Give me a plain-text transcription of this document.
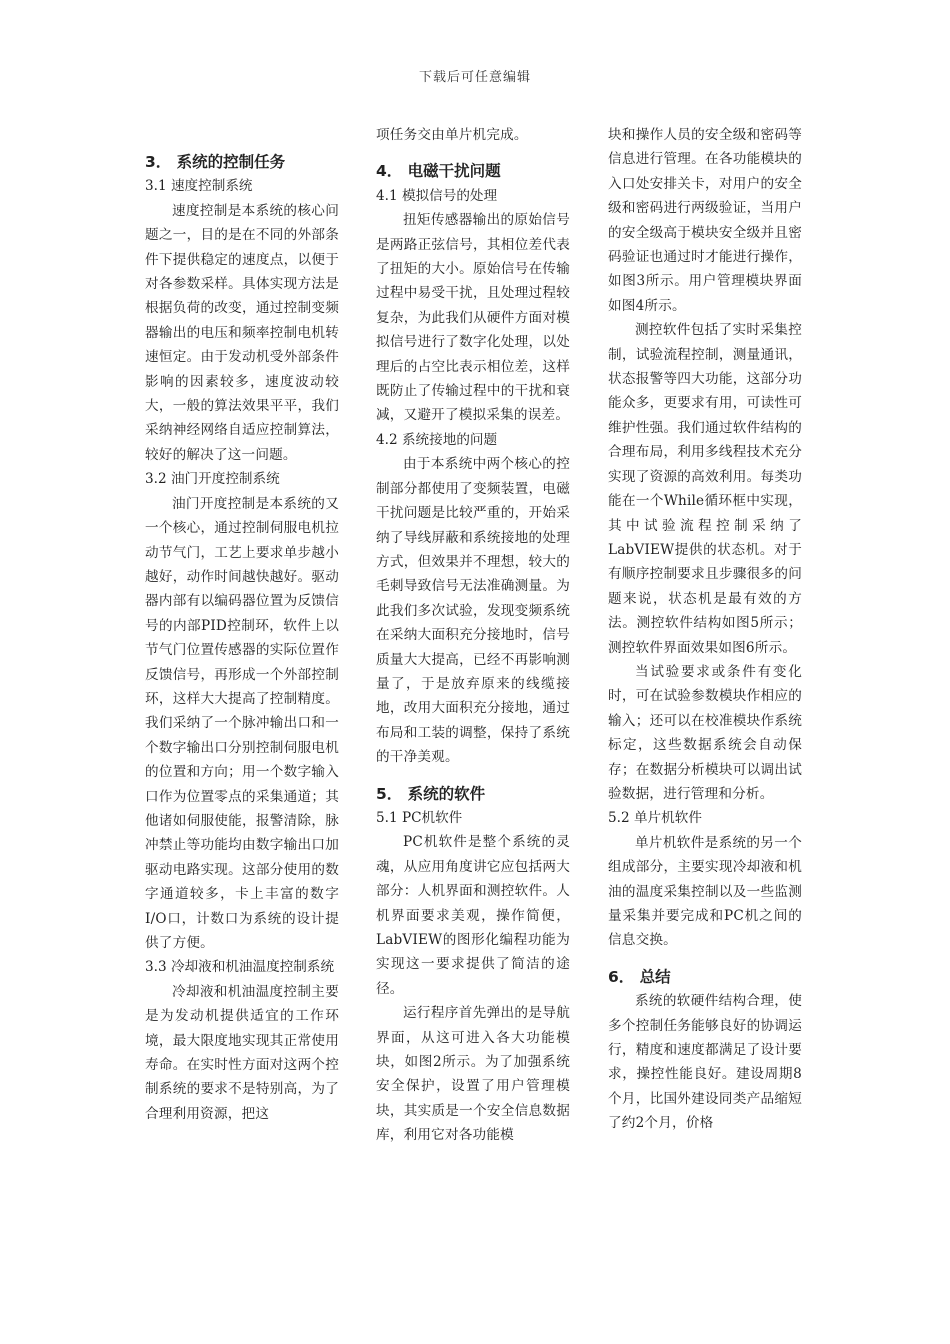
下载后可任意编辑
3． 系统的控制任务
3.1 速度控制系统

速度控制是本系统的核心问题之一，目的是在不同的外部条件下提供稳定的速度点，以便于对各参数采样。具体实现方法是根据负荷的改变，通过控制变频器输出的电压和频率控制电机转速恒定。由于发动机受外部条件影响的因素较多，速度波动较大，一般的算法效果平平，我们采纳神经网络自适应控制算法，较好的解决了这一问题。

3.2 油门开度控制系统

油门开度控制是本系统的又一个核心，通过控制伺服电机拉动节气门，工艺上要求单步越小越好，动作时间越快越好。驱动器内部有以编码器位置为反馈信号的内部PID控制环，软件上以节气门位置传感器的实际位置作反馈信号，再形成一个外部控制环，这样大大提高了控制精度。我们采纳了一个脉冲输出口和一个数字输出口分别控制伺服电机的位置和方向；用一个数字输入口作为位置零点的采集通道；其他诸如伺服使能，报警清除，脉冲禁止等功能均由数字输出口加驱动电路实现。这部分使用的数字通道较多，卡上丰富的数字I/O口，计数口为系统的设计提供了方便。

3.3 冷却液和机油温度控制系统

冷却液和机油温度控制主要是为发动机提供适宜的工作环境，最大限度地实现其正常使用寿命。在实时性方面对这两个控制系统的要求不是特别高，为了合理利用资源，把这

项任务交由单片机完成。

4． 电磁干扰问题
4.1 模拟信号的处理

扭矩传感器输出的原始信号是两路正弦信号，其相位差代表了扭矩的大小。原始信号在传输过程中易受干扰，且处理过程较复杂，为此我们从硬件方面对模拟信号进行了数字化处理，以处理后的占空比表示相位差，这样既防止了传输过程中的干扰和衰减，又避开了模拟采集的误差。

4.2 系统接地的问题

由于本系统中两个核心的控制部分都使用了变频装置，电磁干扰问题是比较严重的，开始采纳了导线屏蔽和系统接地的处理方式，但效果并不理想，较大的毛刺导致信号无法准确测量。为此我们多次试验，发现变频系统在采纳大面积充分接地时，信号质量大大提高，已经不再影响测量了，于是放弃原来的线缆接地，改用大面积充分接地，通过布局和工装的调整，保持了系统的干净美观。

5． 系统的软件
5.1 PC机软件

PC机软件是整个系统的灵魂，从应用角度讲它应包括两大部分：人机界面和测控软件。人机界面要求美观，操作简便，LabVIEW的图形化编程功能为实现这一要求提供了简洁的途径。

运行程序首先弹出的是导航界面，从这可进入各大功能模块，如图2所示。为了加强系统安全保护，设置了用户管理模块，其实质是一个安全信息数据库，利用它对各功能模

块和操作人员的安全级和密码等信息进行管理。在各功能模块的入口处安排关卡，对用户的安全级和密码进行两级验证，当用户的安全级高于模块安全级并且密码验证也通过时才能进行操作，如图3所示。用户管理模块界面如图4所示。

测控软件包括了实时采集控制，试验流程控制，测量通讯，状态报警等四大功能，这部分功能众多，更要求有用，可读性可维护性强。我们通过软件结构的合理布局，利用多线程技术充分实现了资源的高效利用。每类功能在一个While循环框中实现，其中试验流程控制采纳了LabVIEW提供的状态机。对于有顺序控制要求且步骤很多的问题来说，状态机是最有效的方法。测控软件结构如图5所示；测控软件界面效果如图6所示。

当试验要求或条件有变化时，可在试验参数模块作相应的输入；还可以在校准模块作系统标定，这些数据系统会自动保存；在数据分析模块可以调出试验数据，进行管理和分析。

5.2 单片机软件

单片机软件是系统的另一个组成部分，主要实现冷却液和机油的温度采集控制以及一些监测量采集并要完成和PC机之间的信息交换。

6． 总结

系统的软硬件结构合理，使多个控制任务能够良好的协调运行，精度和速度都满足了设计要求，操控性能良好。建设周期8个月，比国外建设同类产品缩短了约2个月，价格
